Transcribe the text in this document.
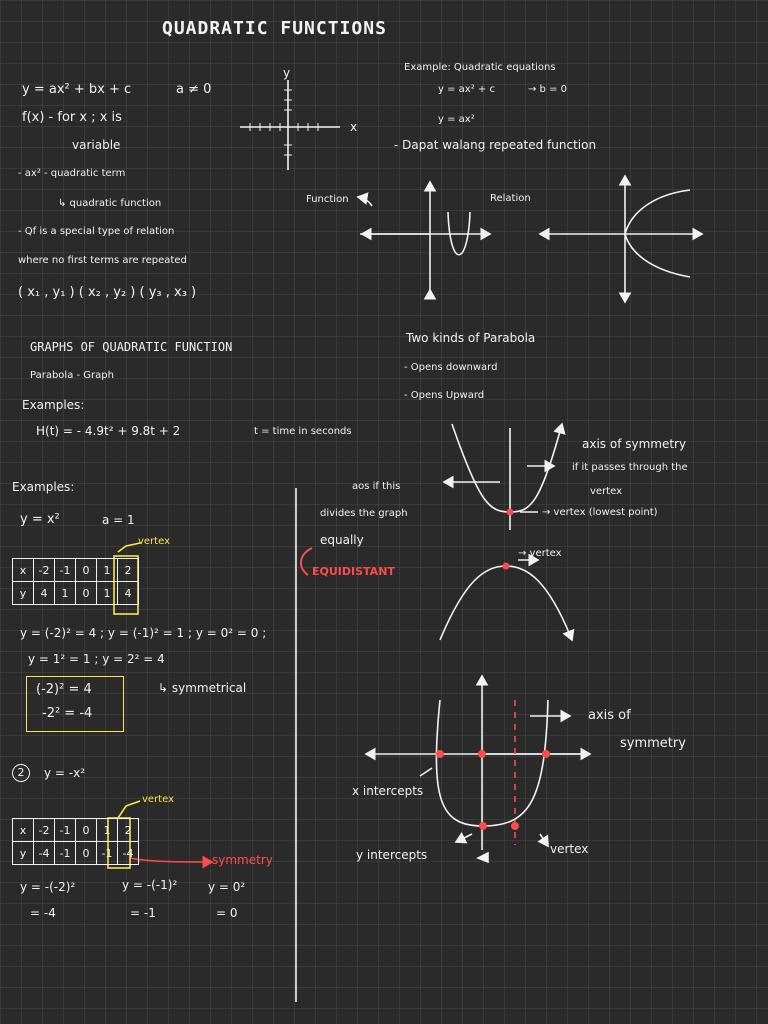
QUADRATIC FUNCTIONS
y = ax² + bx + c	a ≠ 0
f(x) - for x ; x is
variable
- ax² - quadratic term
↳ quadratic function
- Qf is a special type of relation
where no first terms are repeated
( x₁ , y₁ ) ( x₂ , y₂ ) ( y₃ , x₃ )
GRAPHS OF QUADRATIC FUNCTION
Parabola - Graph
Examples:
H(t) = - 4.9t² + 9.8t + 2	t = time in seconds
Examples:
y = x²	a = 1
vertex
x	-2	-1	0	1	2
y	4	1	0	1	4
y = (-2)² = 4 ; y = (-1)² = 1 ; y = 0² = 0 ;
y = 1² = 1 ; y = 2² = 4
(-2)² = 4
-2² = -4
↳ symmetrical
2	y = -x²
vertex
x	-2	-1	0	1	2
y	-4	-1	0	-1	-4	symmetry
y = -(-2)²
= -4
y = -(-1)²
= -1
y = 0²
= 0
y
x
Example: Quadratic equations
y = ax² + c	→ b = 0
y = ax²
- Dapat walang repeated function
Function	Relation
Two kinds of Parabola
- Opens downward
- Opens Upward
axis of symmetry
if it passes through the
vertex
aos if this
divides the graph
equally
EQUIDISTANT
→ vertex (lowest point)
→ vertex
axis of
symmetry
x intercepts
y intercepts	vertex
